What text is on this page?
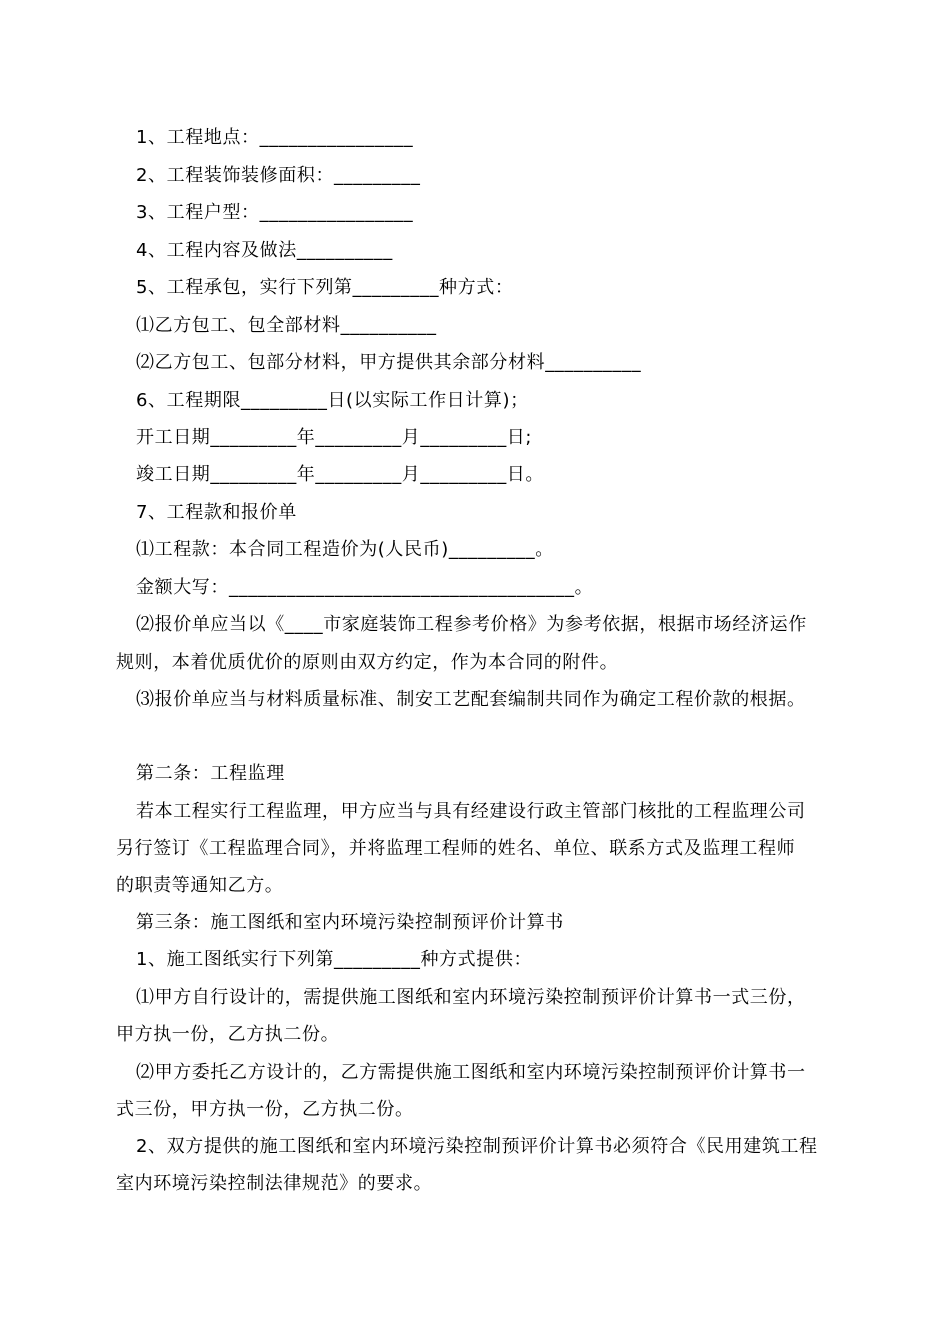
1、工程地点：________________
2、工程装饰装修面积：_________
3、工程户型：________________
4、工程内容及做法__________
5、工程承包，实行下列第_________种方式：
⑴乙方包工、包全部材料__________
⑵乙方包工、包部分材料，甲方提供其余部分材料__________
6、工程期限_________日(以实际工作日计算)；
开工日期_________年_________月_________日;
竣工日期_________年_________月_________日。
7、工程款和报价单
⑴工程款：本合同工程造价为(人民币)_________。
金额大写：____________________________________。
⑵报价单应当以《____市家庭装饰工程参考价格》为参考依据，根据市场经济运作
规则，本着优质优价的原则由双方约定，作为本合同的附件。
⑶报价单应当与材料质量标准、制安工艺配套编制共同作为确定工程价款的根据。
第二条：工程监理
若本工程实行工程监理，甲方应当与具有经建设行政主管部门核批的工程监理公司
另行签订《工程监理合同》，并将监理工程师的姓名、单位、联系方式及监理工程师
的职责等通知乙方。
第三条：施工图纸和室内环境污染控制预评价计算书
1、施工图纸实行下列第_________种方式提供：
⑴甲方自行设计的，需提供施工图纸和室内环境污染控制预评价计算书一式三份，
甲方执一份，乙方执二份。
⑵甲方委托乙方设计的，乙方需提供施工图纸和室内环境污染控制预评价计算书一
式三份，甲方执一份，乙方执二份。
2、双方提供的施工图纸和室内环境污染控制预评价计算书必须符合《民用建筑工程
室内环境污染控制法律规范》的要求。
